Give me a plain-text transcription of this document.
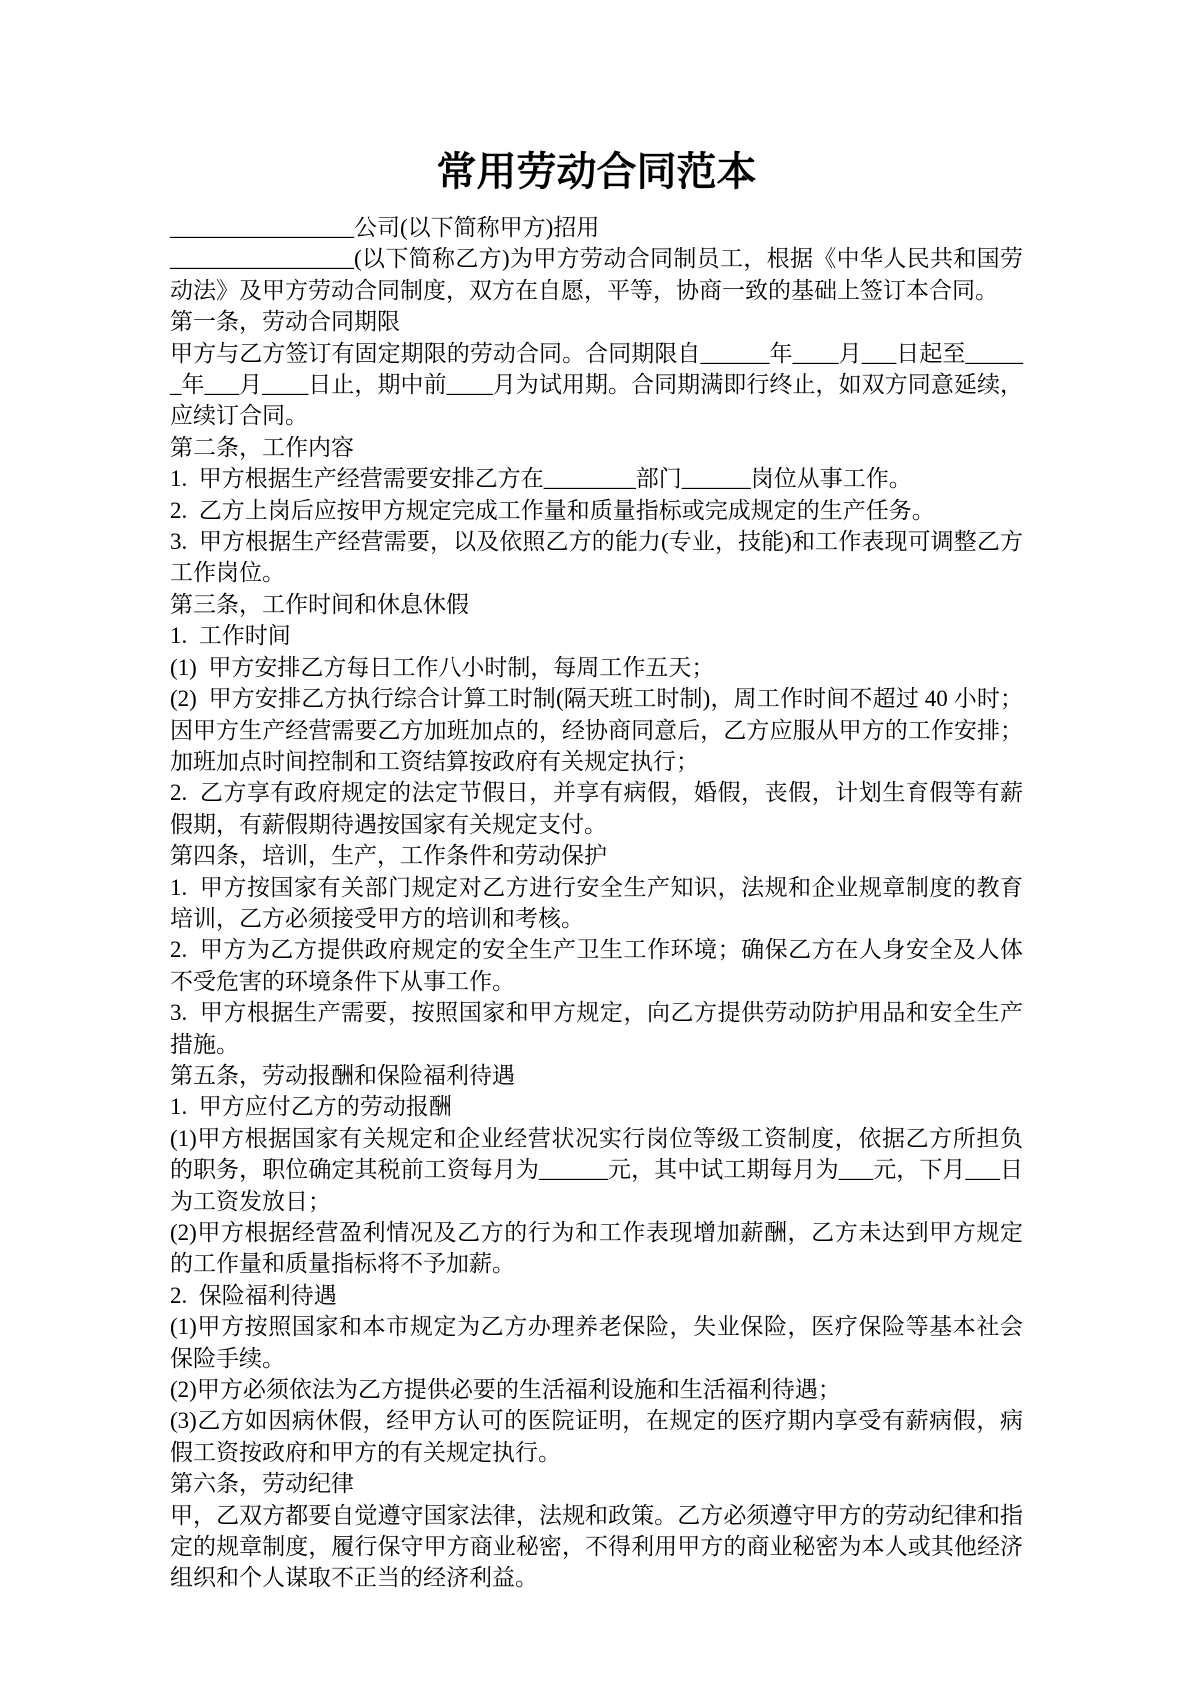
常用劳动合同范本

________________公司(以下简称甲方)招用

________________(以下简称乙方)为甲方劳动合同制员工，根据《中华人民共和国劳动法》及甲方劳动合同制度，双方在自愿，平等，协商一致的基础上签订本合同。

第一条，劳动合同期限

甲方与乙方签订有固定期限的劳动合同。合同期限自______年____月___日起至______年___月____日止，期中前____月为试用期。合同期满即行终止，如双方同意延续，应续订合同。

第二条，工作内容

1.  甲方根据生产经营需要安排乙方在________部门______岗位从事工作。

2.  乙方上岗后应按甲方规定完成工作量和质量指标或完成规定的生产任务。

3.  甲方根据生产经营需要，以及依照乙方的能力(专业，技能)和工作表现可调整乙方工作岗位。

第三条，工作时间和休息休假

1.  工作时间

(1)  甲方安排乙方每日工作八小时制，每周工作五天；

(2)  甲方安排乙方执行综合计算工时制(隔天班工时制)，周工作时间不超过 40 小时；因甲方生产经营需要乙方加班加点的，经协商同意后，乙方应服从甲方的工作安排；加班加点时间控制和工资结算按政府有关规定执行；

2.  乙方享有政府规定的法定节假日，并享有病假，婚假，丧假，计划生育假等有薪假期，有薪假期待遇按国家有关规定支付。

第四条，培训，生产，工作条件和劳动保护

1.  甲方按国家有关部门规定对乙方进行安全生产知识，法规和企业规章制度的教育培训，乙方必须接受甲方的培训和考核。

2.  甲方为乙方提供政府规定的安全生产卫生工作环境；确保乙方在人身安全及人体不受危害的环境条件下从事工作。

3.  甲方根据生产需要，按照国家和甲方规定，向乙方提供劳动防护用品和安全生产措施。

第五条，劳动报酬和保险福利待遇

1.  甲方应付乙方的劳动报酬

(1)甲方根据国家有关规定和企业经营状况实行岗位等级工资制度，依据乙方所担负的职务，职位确定其税前工资每月为______元，其中试工期每月为___元，下月___日为工资发放日；

(2)甲方根据经营盈利情况及乙方的行为和工作表现增加薪酬，乙方未达到甲方规定的工作量和质量指标将不予加薪。

2.  保险福利待遇

(1)甲方按照国家和本市规定为乙方办理养老保险，失业保险，医疗保险等基本社会保险手续。

(2)甲方必须依法为乙方提供必要的生活福利设施和生活福利待遇；

(3)乙方如因病休假，经甲方认可的医院证明，在规定的医疗期内享受有薪病假，病假工资按政府和甲方的有关规定执行。

第六条，劳动纪律

甲，乙双方都要自觉遵守国家法律，法规和政策。乙方必须遵守甲方的劳动纪律和指定的规章制度，履行保守甲方商业秘密，不得利用甲方的商业秘密为本人或其他经济组织和个人谋取不正当的经济利益。
